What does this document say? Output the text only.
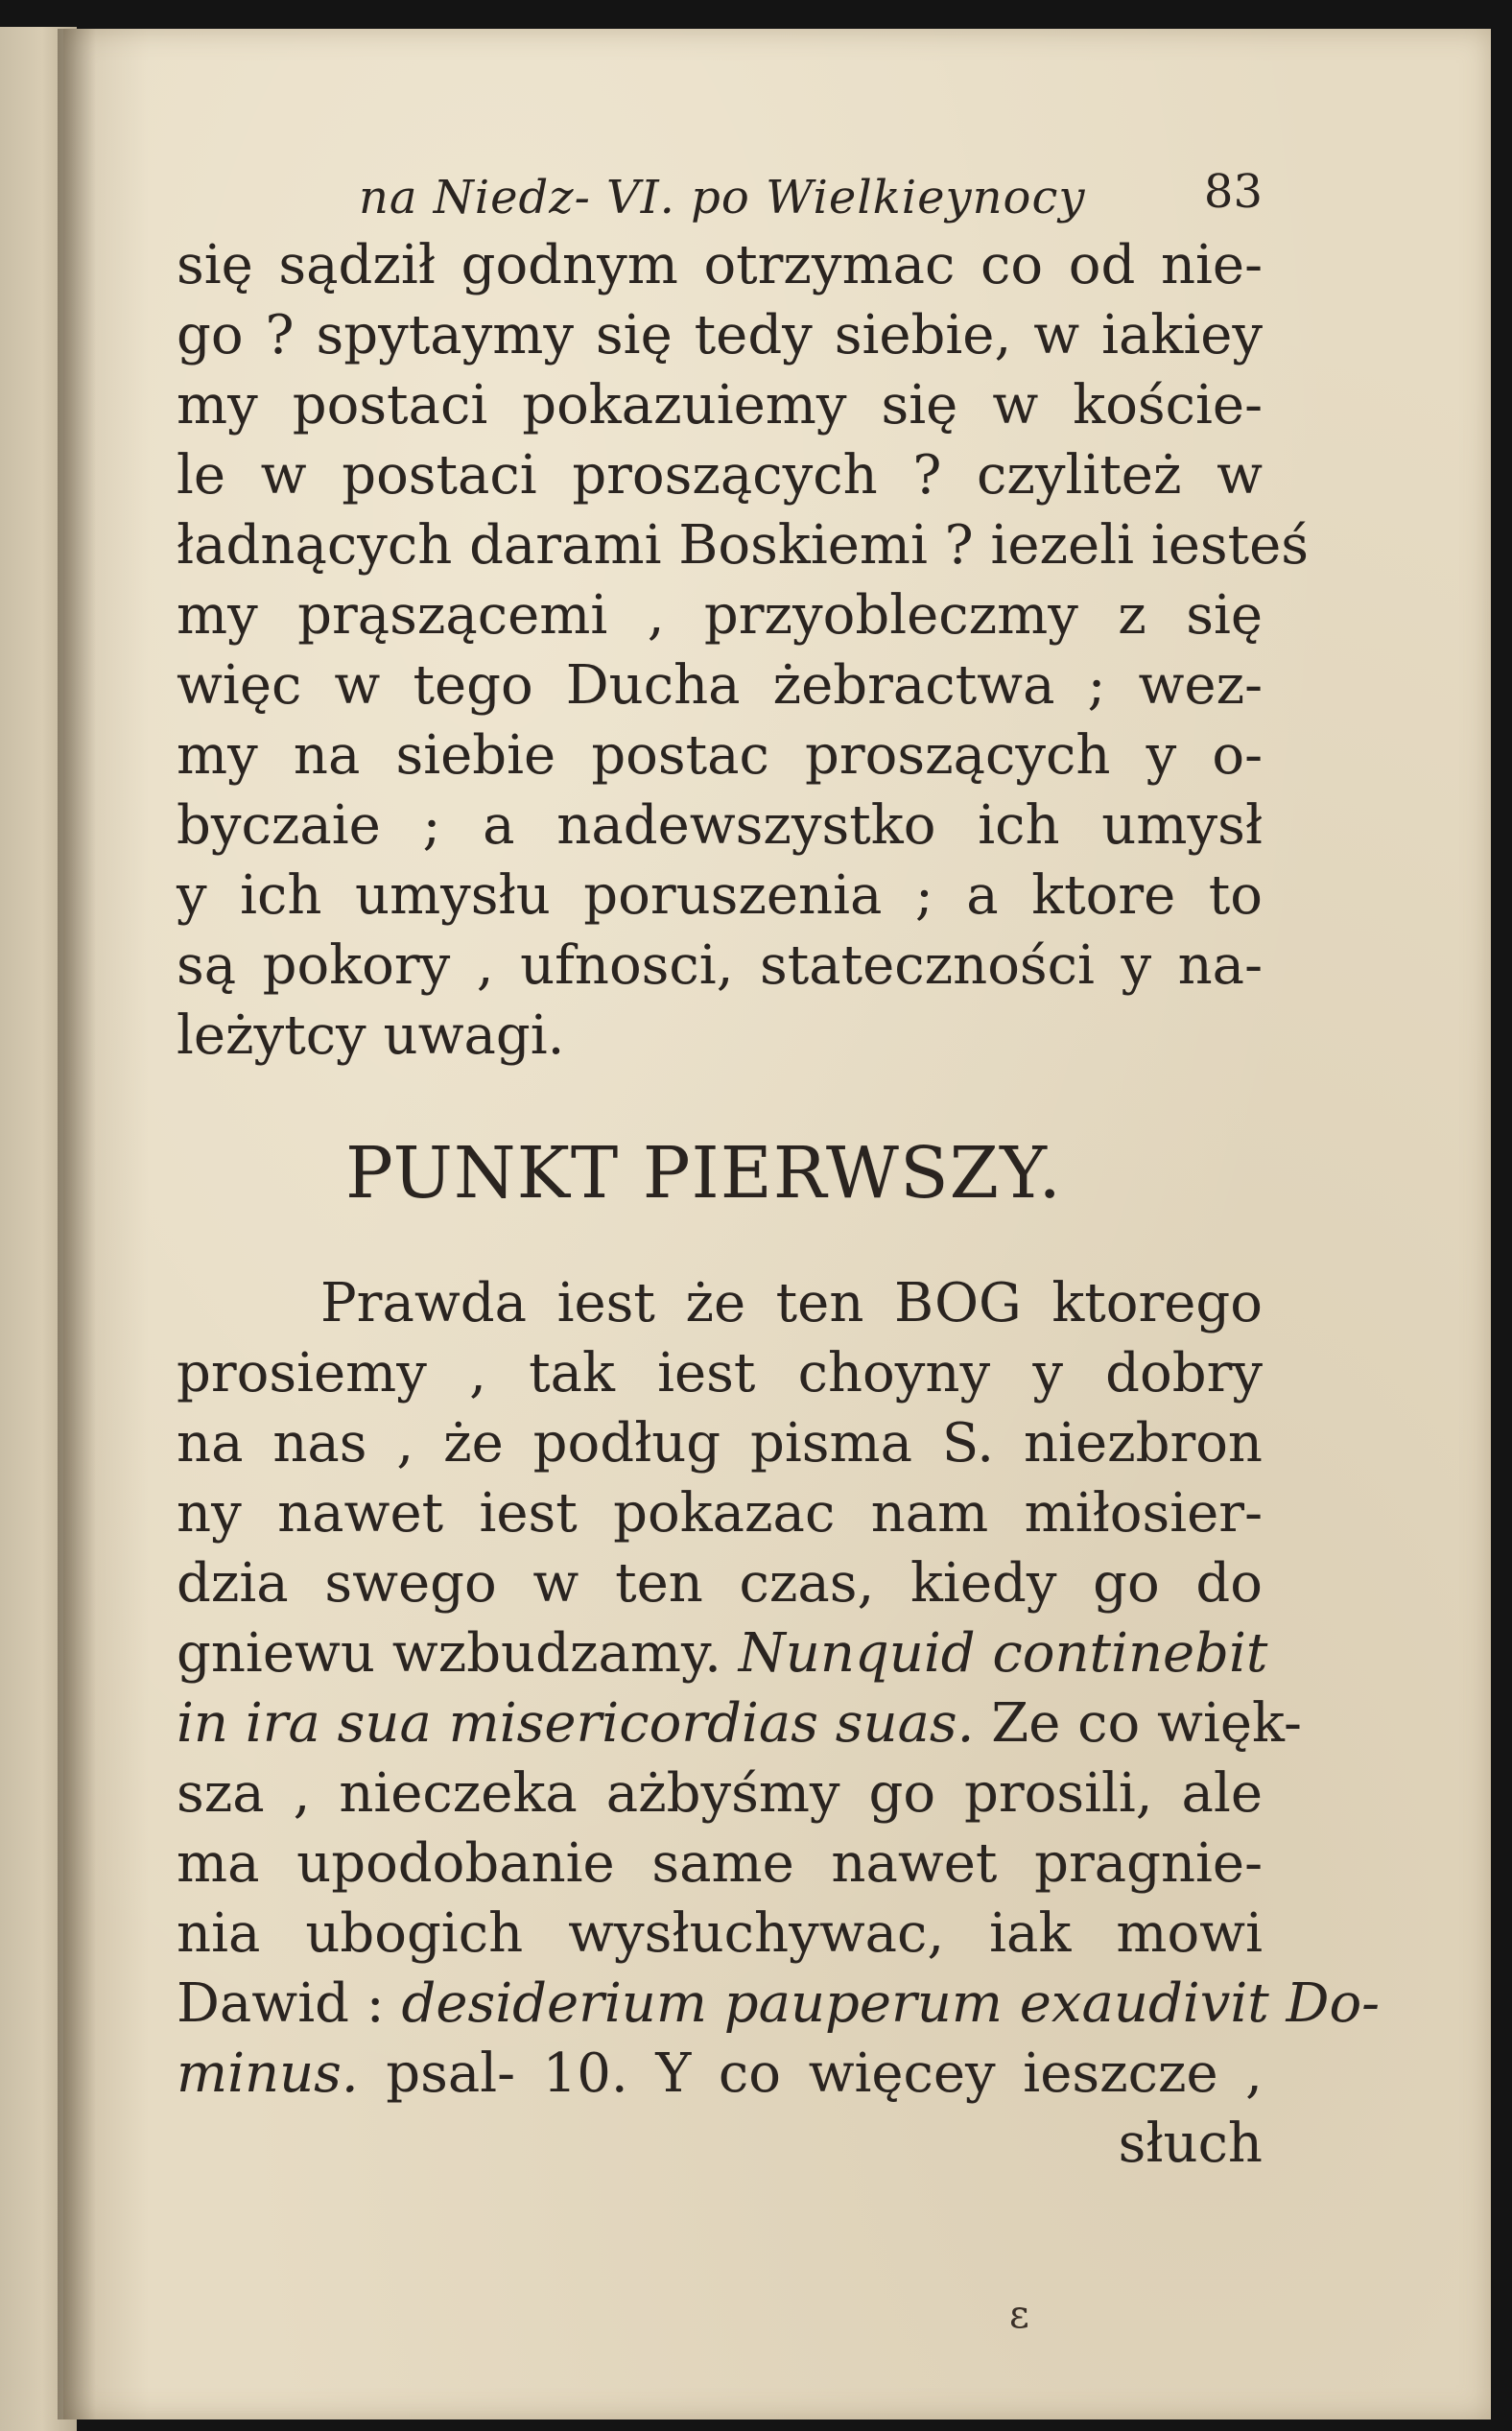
na Niedz- VI. po Wielkieynocy	83
się sądził godnym otrzymac co od nie-
go ? spytaymy się tedy siebie, w iakiey
my postaci pokazuiemy się w koście-
le w postaci proszących ? czyliteż w
ładnących darami Boskiemi ? iezeli iesteś
my prąszącemi , przyobleczmy z się
więc w tego Ducha żebractwa ; wez-
my na siebie postac proszących y o-
byczaie ; a nadewszystko ich umysł
y ich umysłu poruszenia ; a ktore to
są pokory , ufnosci, stateczności y na-
leżytcy uwagi.
PUNKT PIERWSZY.
Prawda iest że ten BOG ktorego
prosiemy , tak iest choyny y dobry
na nas , że podług pisma S. niezbron
ny nawet iest pokazac nam miłosier-
dzia swego w ten czas, kiedy go do
gniewu wzbudzamy. Nunquid continebit
in ira sua misericordias suas. Ze co więk-
sza , nieczeka ażbyśmy go prosili, ale
ma upodobanie same nawet pragnie-
nia ubogich wysłuchywac, iak mowi
Dawid : desiderium pauperum exaudivit Do-
minus. psal- 10. Y co więcey ieszcze ,
słuch
ɛ
